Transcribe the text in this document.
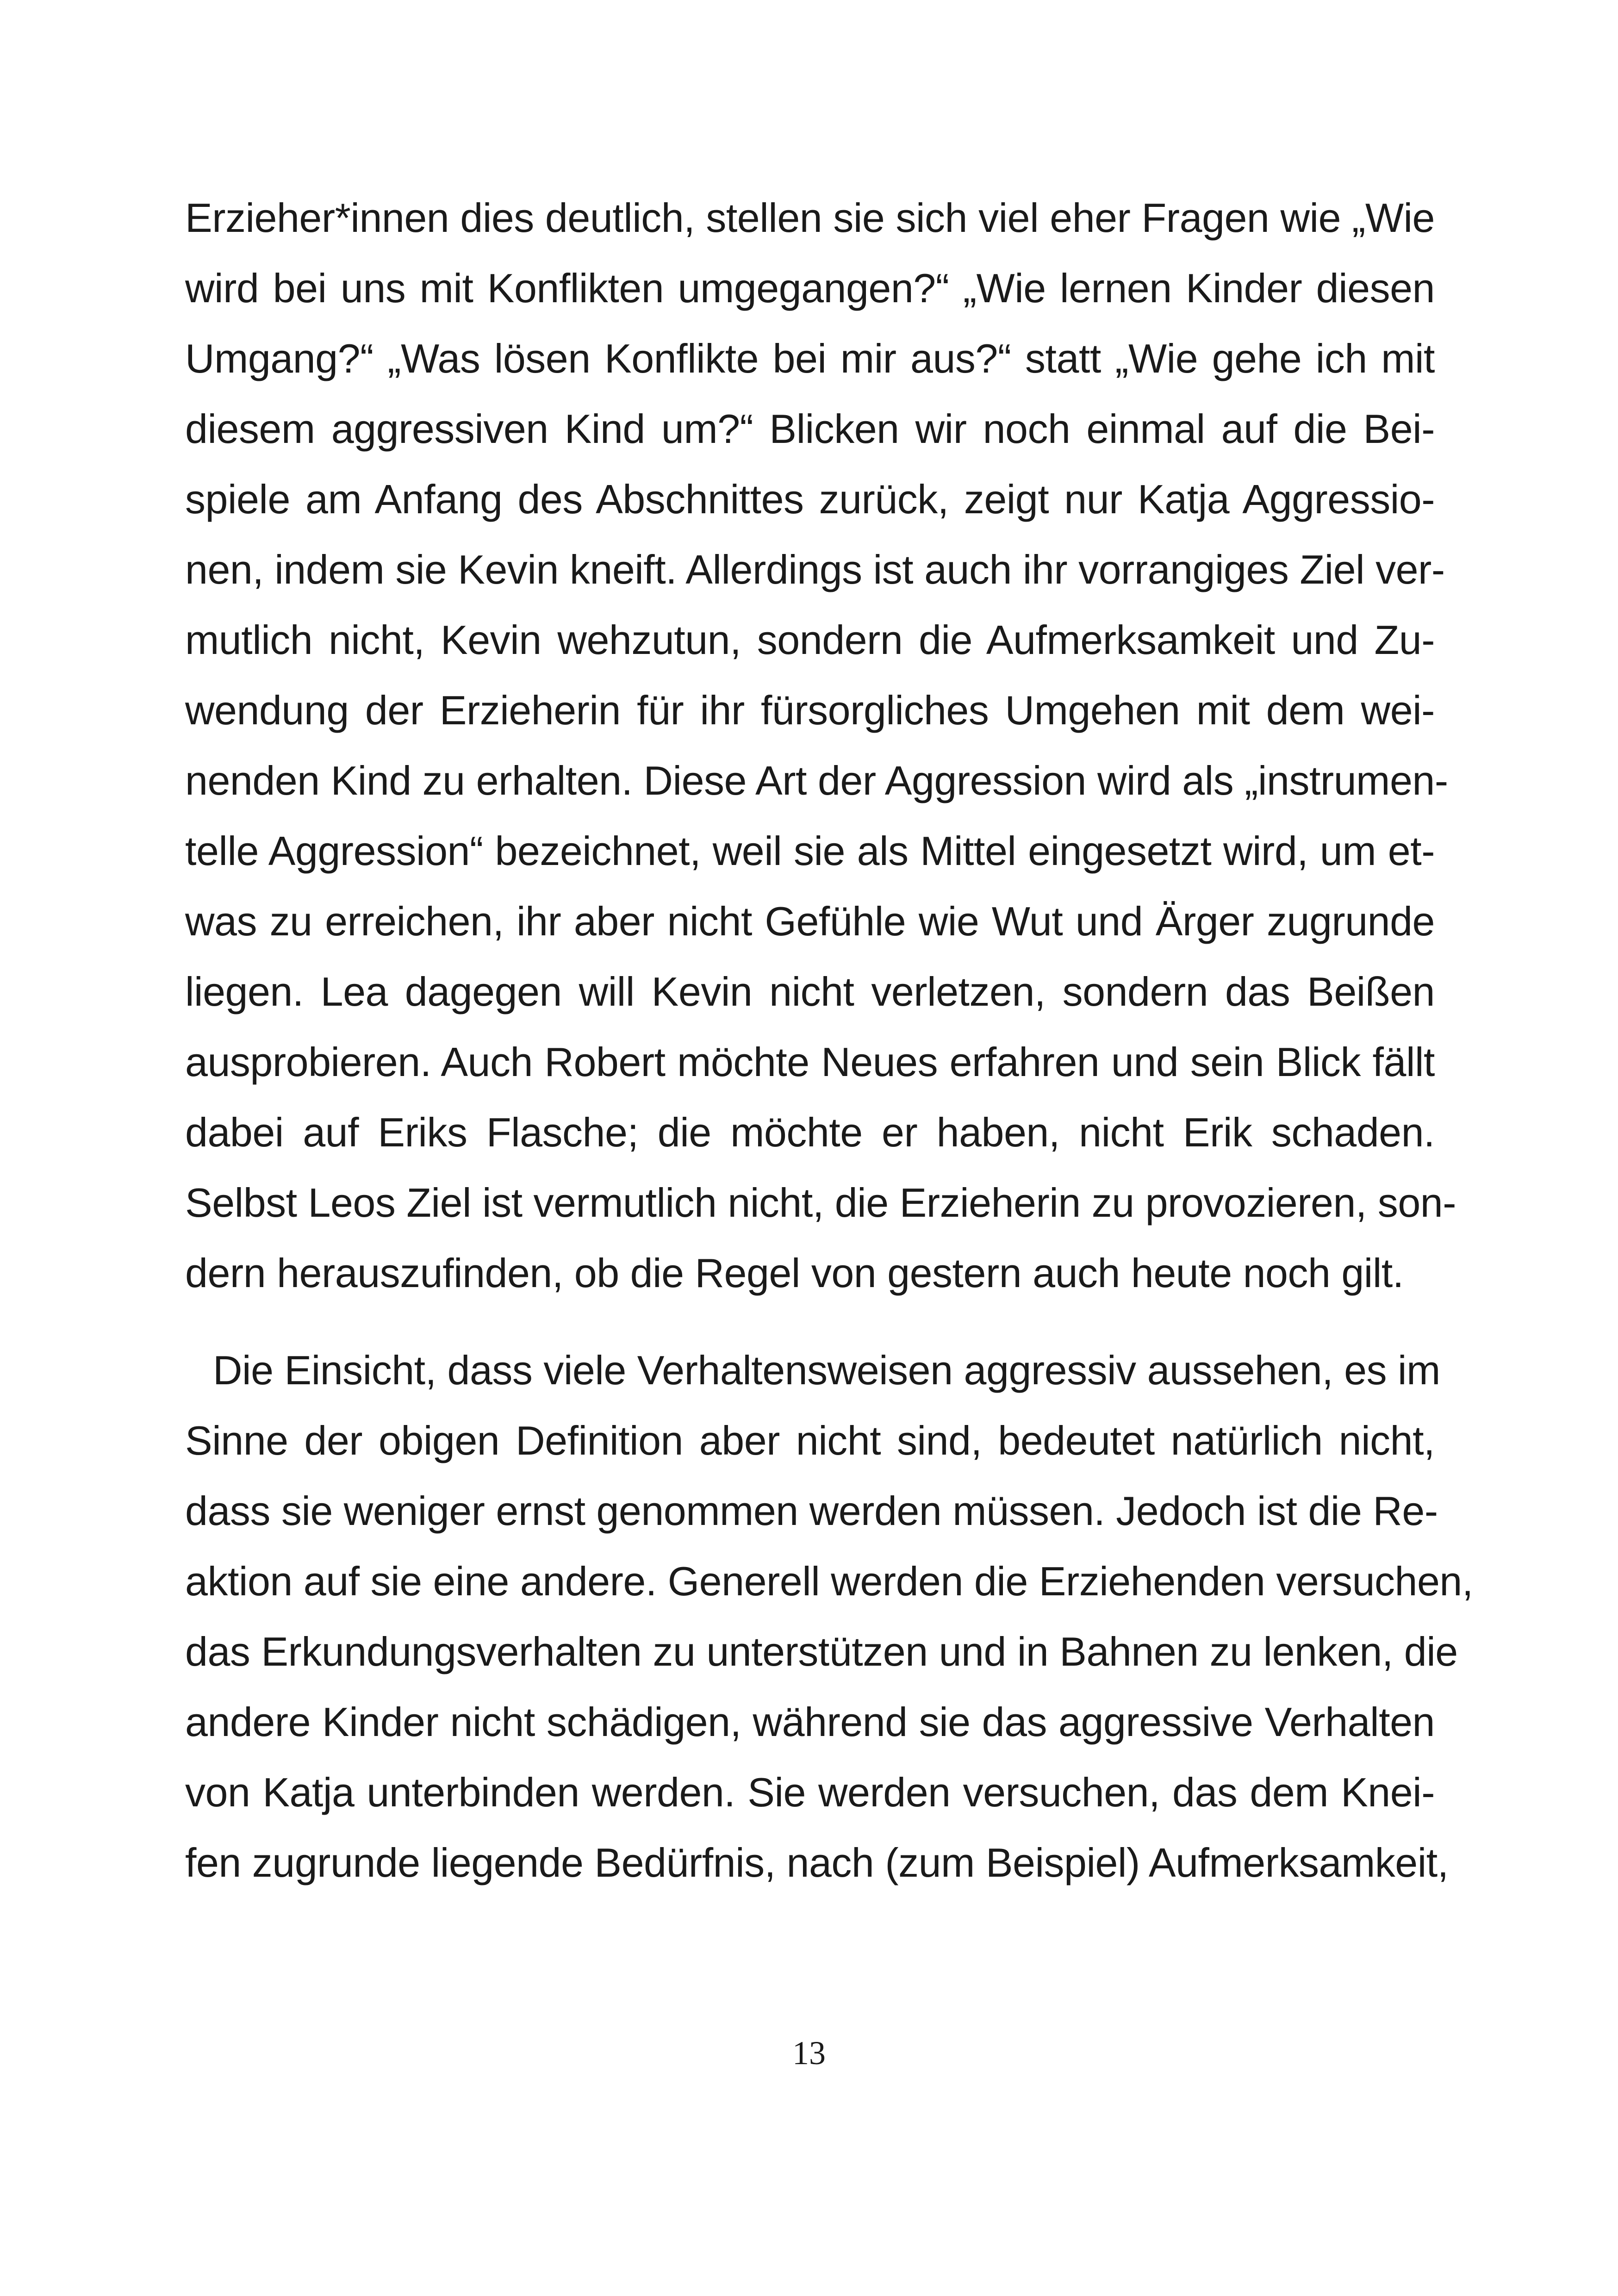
Erzieher*innen dies deutlich, stellen sie sich viel eher Fragen wie „Wie
wird bei uns mit Konflikten umgegangen?“ „Wie lernen Kinder diesen
Umgang?“ „Was lösen Konflikte bei mir aus?“ statt „Wie gehe ich mit
diesem aggressiven Kind um?“ Blicken wir noch einmal auf die Bei-
spiele am Anfang des Abschnittes zurück, zeigt nur Katja Aggressio-
nen, indem sie Kevin kneift. Allerdings ist auch ihr vorrangiges Ziel ver-
mutlich nicht, Kevin wehzutun, sondern die Aufmerksamkeit und Zu-
wendung der Erzieherin für ihr fürsorgliches Umgehen mit dem wei-
nenden Kind zu erhalten. Diese Art der Aggression wird als „instrumen-
telle Aggression“ bezeichnet, weil sie als Mittel eingesetzt wird, um et-
was zu erreichen, ihr aber nicht Gefühle wie Wut und Ärger zugrunde
liegen. Lea dagegen will Kevin nicht verletzen, sondern das Beißen
ausprobieren. Auch Robert möchte Neues erfahren und sein Blick fällt
dabei auf Eriks Flasche; die möchte er haben, nicht Erik schaden.
Selbst Leos Ziel ist vermutlich nicht, die Erzieherin zu provozieren, son-
dern herauszufinden, ob die Regel von gestern auch heute noch gilt.
Die Einsicht, dass viele Verhaltensweisen aggressiv aussehen, es im
Sinne der obigen Definition aber nicht sind, bedeutet natürlich nicht,
dass sie weniger ernst genommen werden müssen. Jedoch ist die Re-
aktion auf sie eine andere. Generell werden die Erziehenden versuchen,
das Erkundungsverhalten zu unterstützen und in Bahnen zu lenken, die
andere Kinder nicht schädigen, während sie das aggressive Verhalten
von Katja unterbinden werden. Sie werden versuchen, das dem Knei-
fen zugrunde liegende Bedürfnis, nach (zum Beispiel) Aufmerksamkeit,
13
